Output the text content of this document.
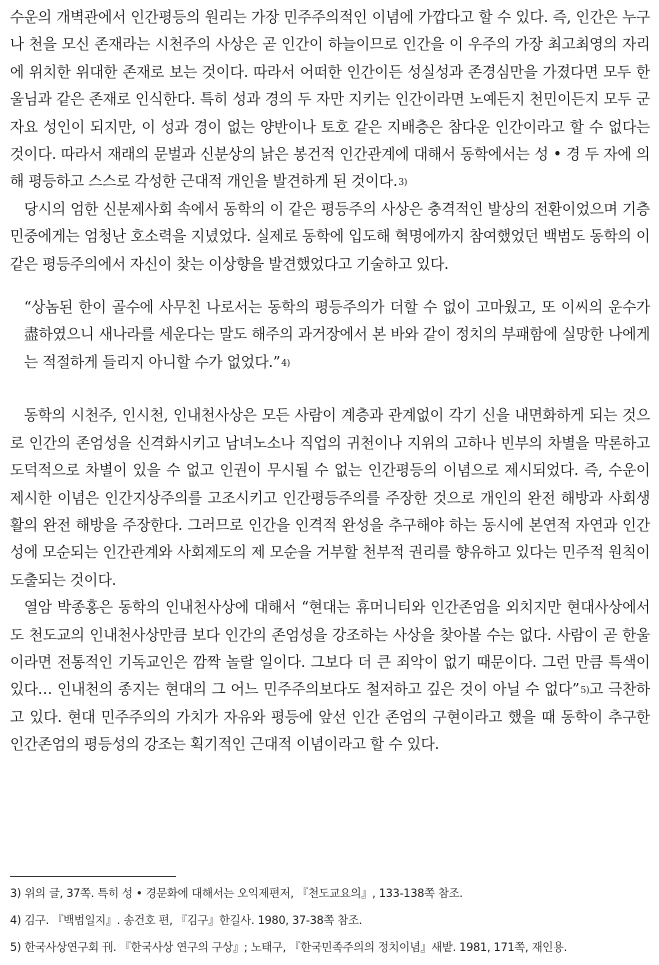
수운의 개벽관에서 인간평등의 원리는 가장 민주주의적인 이념에 가깝다고 할 수 있다. 즉, 인간은 누구나 천을 모신 존재라는 시천주의 사상은 곧 인간이 하늘이므로 인간을 이 우주의 가장 최고최영의 자리에 위치한 위대한 존재로 보는 것이다. 따라서 어떠한 인간이든 성실성과 존경심만을 가졌다면 모두 한울님과 같은 존재로 인식한다. 특히 성과 경의 두 자만 지키는 인간이라면 노예든지 천민이든지 모두 군자요 성인이 되지만, 이 성과 경이 없는 양반이나 토호 같은 지배층은 참다운 인간이라고 할 수 없다는 것이다. 따라서 재래의 문벌과 신분상의 낡은 봉건적 인간관계에 대해서 동학에서는 성 • 경 두 자에 의해 평등하고 스스로 각성한 근대적 개인을 발견하게 된 것이다.$^{3)}$

당시의 엄한 신분제사회 속에서 동학의 이 같은 평등주의 사상은 충격적인 발상의 전환이었으며 기층 민중에게는 엄청난 호소력을 지녔었다. 실제로 동학에 입도해 혁명에까지 참여했었던 백범도 동학의 이 같은 평등주의에서 자신이 찾는 이상향을 발견했었다고 기술하고 있다.

“상놈된 한이 골수에 사무친 나로서는 동학의 평등주의가 더할 수 없이 고마웠고, 또 이씨의 운수가 盡하였으니 새나라를 세운다는 말도 해주의 과거장에서 본 바와 같이 정치의 부패함에 실망한 나에게는 적절하게 들리지 아니할 수가 없었다.”$^{4)}$

동학의 시천주, 인시천, 인내천사상은 모든 사람이 계층과 관계없이 각기 신을 내면화하게 되는 것으로 인간의 존엄성을 신격화시키고 남녀노소나 직업의 귀천이나 지위의 고하나 빈부의 차별을 막론하고 도덕적으로 차별이 있을 수 없고 인권이 무시될 수 없는 인간평등의 이념으로 제시되었다. 즉, 수운이 제시한 이념은 인간지상주의를 고조시키고 인간평등주의를 주장한 것으로 개인의 완전 해방과 사회생활의 완전 해방을 주장한다. 그러므로 인간을 인격적 완성을 추구해야 하는 동시에 본연적 자연과 인간성에 모순되는 인간관계와 사회제도의 제 모순을 거부할 천부적 권리를 향유하고 있다는 민주적 원칙이 도출되는 것이다.

열암 박종홍은 동학의 인내천사상에 대해서 “현대는 휴머니티와 인간존엄을 외치지만 현대사상에서도 천도교의 인내천사상만큼 보다 인간의 존엄성을 강조하는 사상을 찾아볼 수는 없다. 사람이 곧 한울이라면 전통적인 기독교인은 깜짝 놀랄 일이다. 그보다 더 큰 죄악이 없기 때문이다. 그런 만큼 특색이 있다… 인내천의 종지는 현대의 그 어느 민주주의보다도 철저하고 깊은 것이 아닐 수 없다”$^{5)}$고 극찬하고 있다. 현대 민주주의의 가치가 자유와 평등에 앞선 인간 존엄의 구현이라고 했을 때 동학이 추구한 인간존엄의 평등성의 강조는 획기적인 근대적 이념이라고 할 수 있다.

3) 위의 글, 37쪽. 특히 성 • 경문화에 대해서는 오익제편저, 『천도교요의』, 133-138쪽 참조.

4) 김구. 『백범일지』. 송건호 편, 『김구』한길사. 1980, 37-38쪽 참조.

5) 한국사상연구회 刊. 『한국사상 연구의 구상』; 노태구, 『한국민족주의의 정치이념』새밭. 1981, 171쪽, 재인용.
